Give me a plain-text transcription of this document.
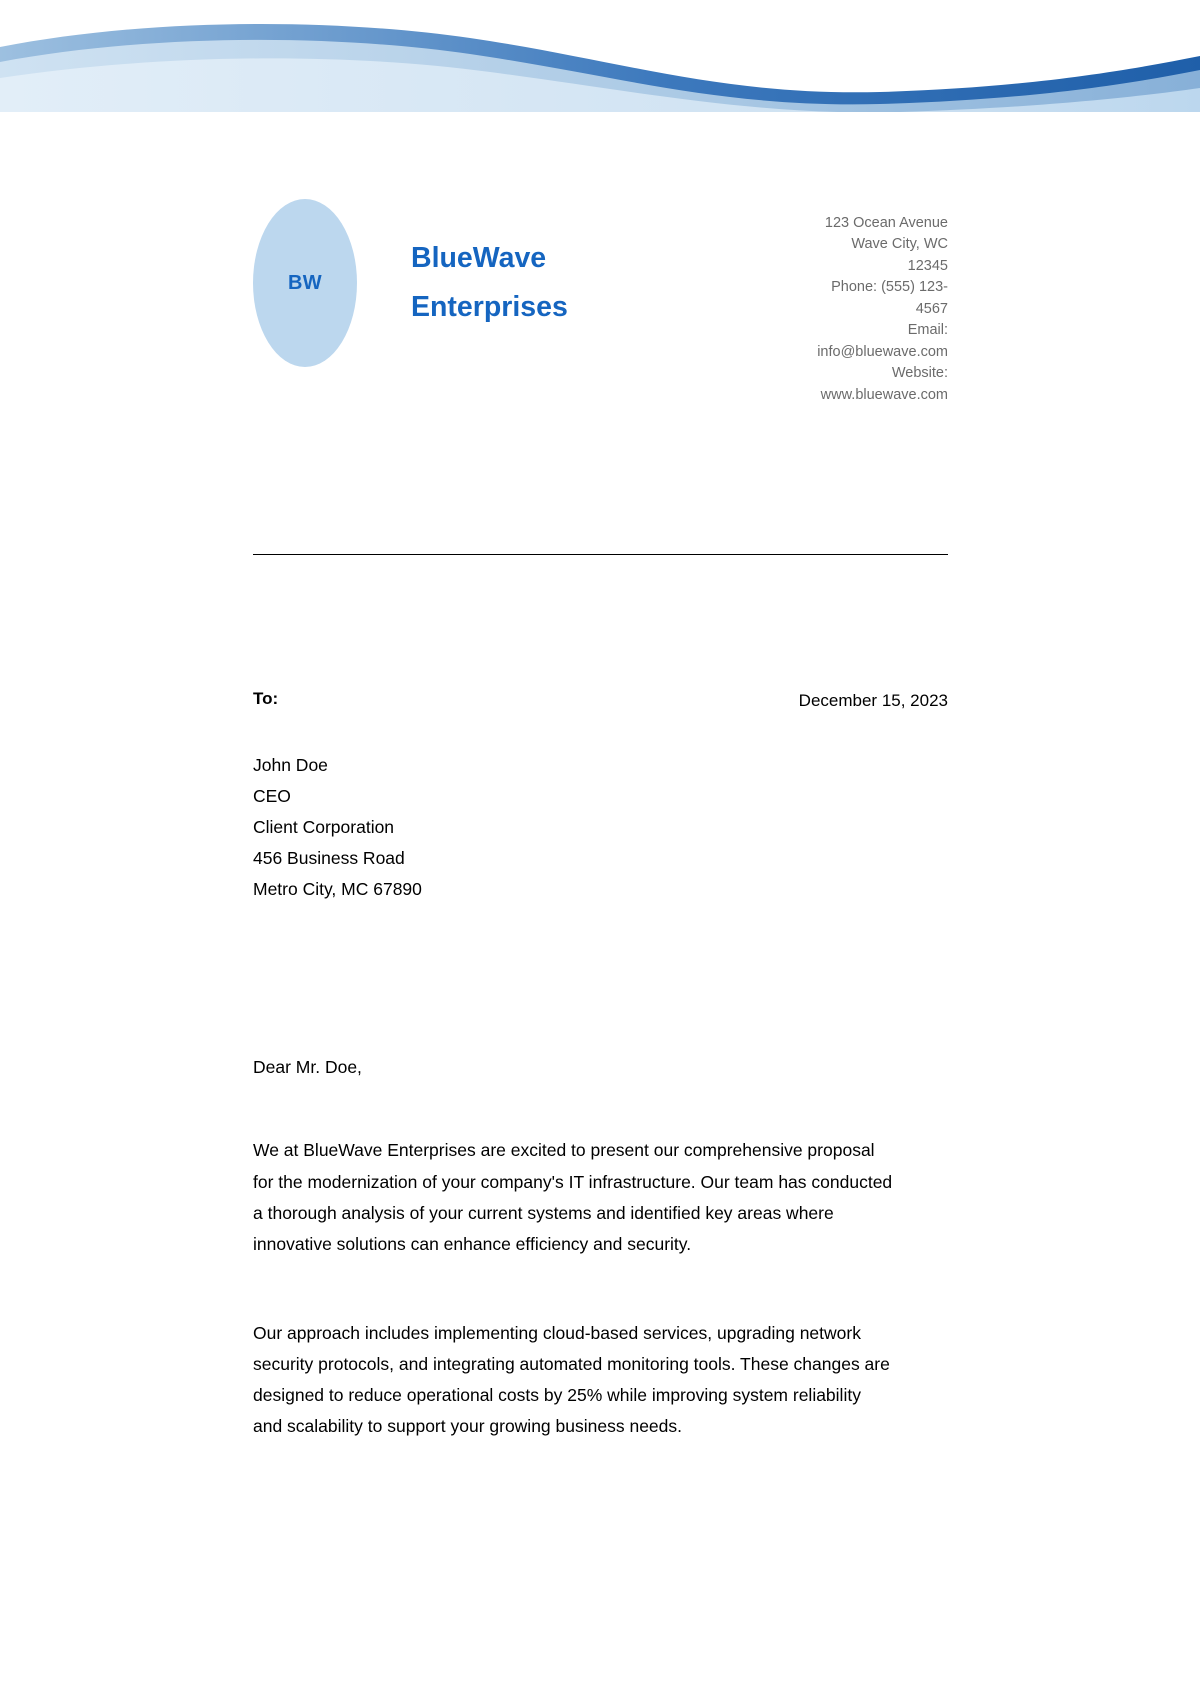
BW
BlueWave Enterprises
123 Ocean Avenue
Wave City, WC
12345
Phone: (555) 123-
4567
Email:
info@bluewave.com
Website:
www.bluewave.com
To:	December 15, 2023
John Doe
CEO
Client Corporation
456 Business Road
Metro City, MC 67890
Dear Mr. Doe,

We at BlueWave Enterprises are excited to present our comprehensive proposal for the modernization of your company's IT infrastructure. Our team has conducted a thorough analysis of your current systems and identified key areas where innovative solutions can enhance efficiency and security.

Our approach includes implementing cloud-based services, upgrading network security protocols, and integrating automated monitoring tools. These changes are designed to reduce operational costs by 25% while improving system reliability and scalability to support your growing business needs.
